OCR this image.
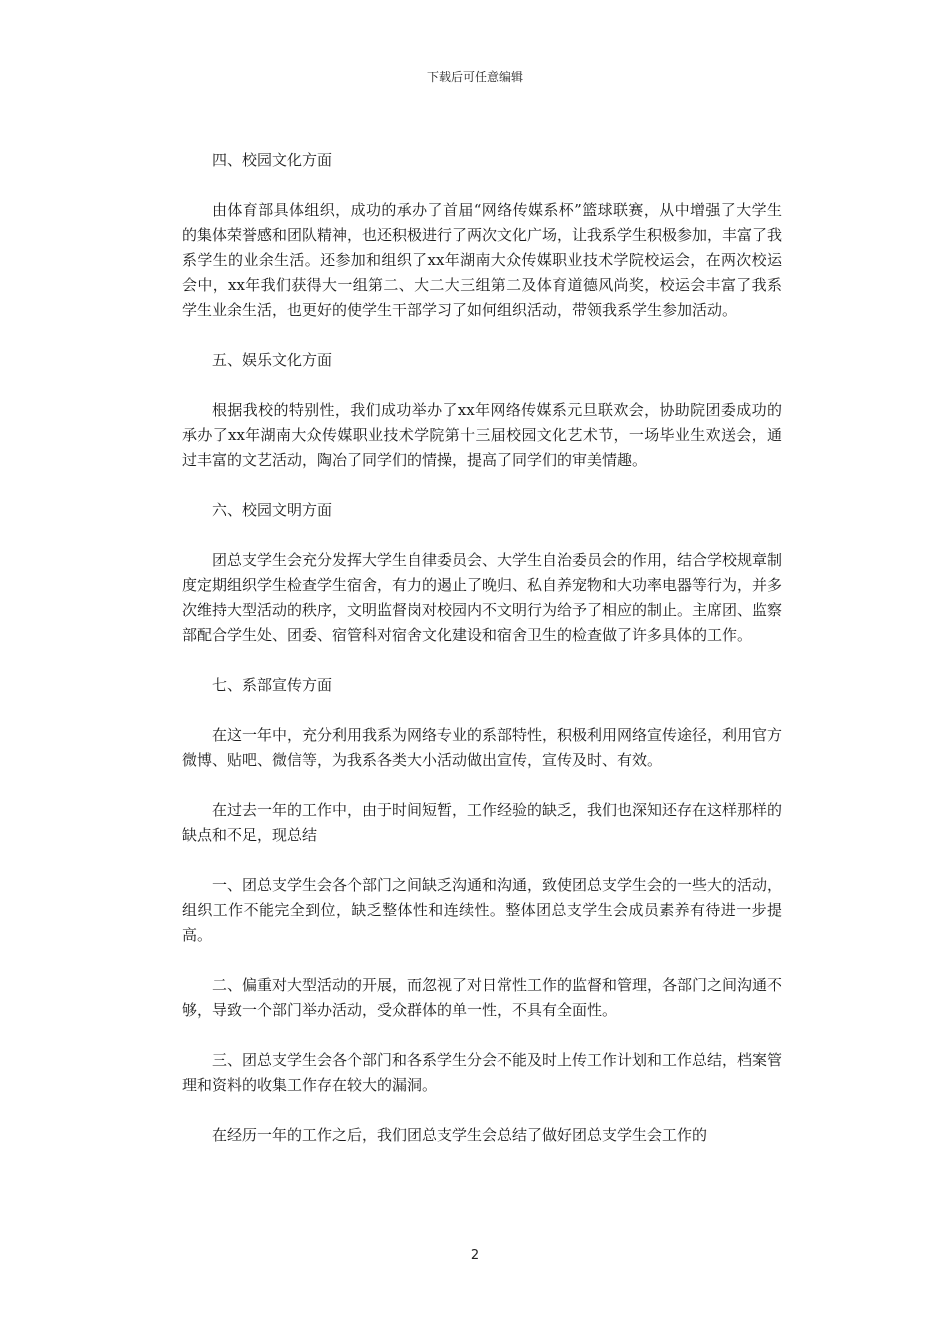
下载后可任意编辑

四、校园文化方面

由体育部具体组织，成功的承办了首届“网络传媒系杯”篮球联赛，从中增强了大学生的集体荣誉感和团队精神，也还积极进行了两次文化广场，让我系学生积极参加，丰富了我系学生的业余生活。还参加和组织了xx年湖南大众传媒职业技术学院校运会，在两次校运会中，xx年我们获得大一组第二、大二大三组第二及体育道德风尚奖，校运会丰富了我系学生业余生活，也更好的使学生干部学习了如何组织活动，带领我系学生参加活动。

五、娱乐文化方面

根据我校的特别性，我们成功举办了xx年网络传媒系元旦联欢会，协助院团委成功的承办了xx年湖南大众传媒职业技术学院第十三届校园文化艺术节，一场毕业生欢送会，通过丰富的文艺活动，陶冶了同学们的情操，提高了同学们的审美情趣。

六、校园文明方面

团总支学生会充分发挥大学生自律委员会、大学生自治委员会的作用，结合学校规章制度定期组织学生检查学生宿舍，有力的遏止了晚归、私自养宠物和大功率电器等行为，并多次维持大型活动的秩序，文明监督岗对校园内不文明行为给予了相应的制止。主席团、监察部配合学生处、团委、宿管科对宿舍文化建设和宿舍卫生的检查做了许多具体的工作。

七、系部宣传方面

在这一年中，充分利用我系为网络专业的系部特性，积极利用网络宣传途径，利用官方微博、贴吧、微信等，为我系各类大小活动做出宣传，宣传及时、有效。

在过去一年的工作中，由于时间短暂，工作经验的缺乏，我们也深知还存在这样那样的缺点和不足，现总结

一、团总支学生会各个部门之间缺乏沟通和沟通，致使团总支学生会的一些大的活动，组织工作不能完全到位，缺乏整体性和连续性。整体团总支学生会成员素养有待进一步提高。

二、偏重对大型活动的开展，而忽视了对日常性工作的监督和管理，各部门之间沟通不够，导致一个部门举办活动，受众群体的单一性，不具有全面性。

三、团总支学生会各个部门和各系学生分会不能及时上传工作计划和工作总结，档案管理和资料的收集工作存在较大的漏洞。

在经历一年的工作之后，我们团总支学生会总结了做好团总支学生会工作的

2
